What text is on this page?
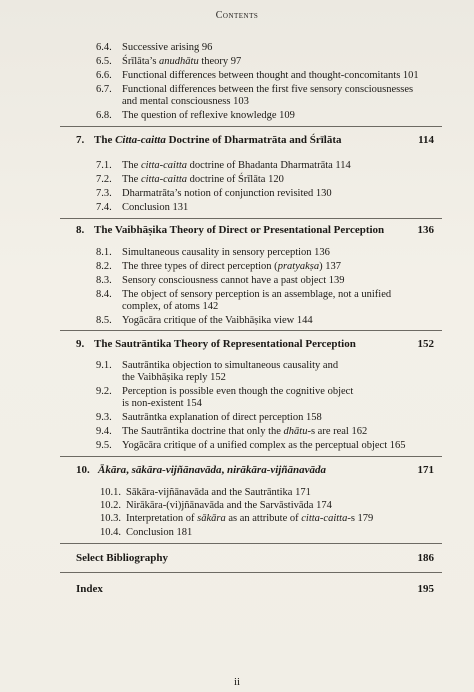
Contents
6.4. Successive arising 96
6.5. Śrīlāta’s anudhātu theory 97
6.6. Functional differences between thought and thought-concomitants 101
6.7. Functional differences between the first five sensory consciousnesses
and mental consciousness 103
6.8. The question of reflexive knowledge 109
7. The Citta-caitta Doctrine of Dharmatrāta and Śrīlāta	114
7.1. The citta-caitta doctrine of Bhadanta Dharmatrāta 114
7.2. The citta-caitta doctrine of Śrīlāta 120
7.3. Dharmatrāta’s notion of conjunction revisited 130
7.4. Conclusion 131
8. The Vaibhāṣika Theory of Direct or Presentational Perception	136
8.1. Simultaneous causality in sensory perception 136
8.2. The three types of direct perception (pratyakṣa) 137
8.3. Sensory consciousness cannot have a past object 139
8.4. The object of sensory perception is an assemblage, not a unified
complex, of atoms 142
8.5. Yogācāra critique of the Vaibhāṣika view 144
9. The Sautrāntika Theory of Representational Perception	152
9.1. Sautrāntika objection to simultaneous causality and
the Vaibhāṣika reply 152
9.2. Perception is possible even though the cognitive object
is non-existent 154
9.3. Sautrāntka explanation of direct perception 158
9.4. The Sautrāntika doctrine that only the dhātu-s are real 162
9.5. Yogācāra critique of a unified complex as the perceptual object 165
10. Ākāra, sākāra-vijñānavāda, nirākāra-vijñānavāda	171
10.1. Sākāra-vijñānavāda and the Sautrāntika 171
10.2. Nirākāra-(vi)jñānavāda and the Sarvāstivāda 174
10.3. Interpretation of sākāra as an attribute of citta-caitta-s 179
10.4. Conclusion 181
Select Bibliography	186
Index	195
ii
